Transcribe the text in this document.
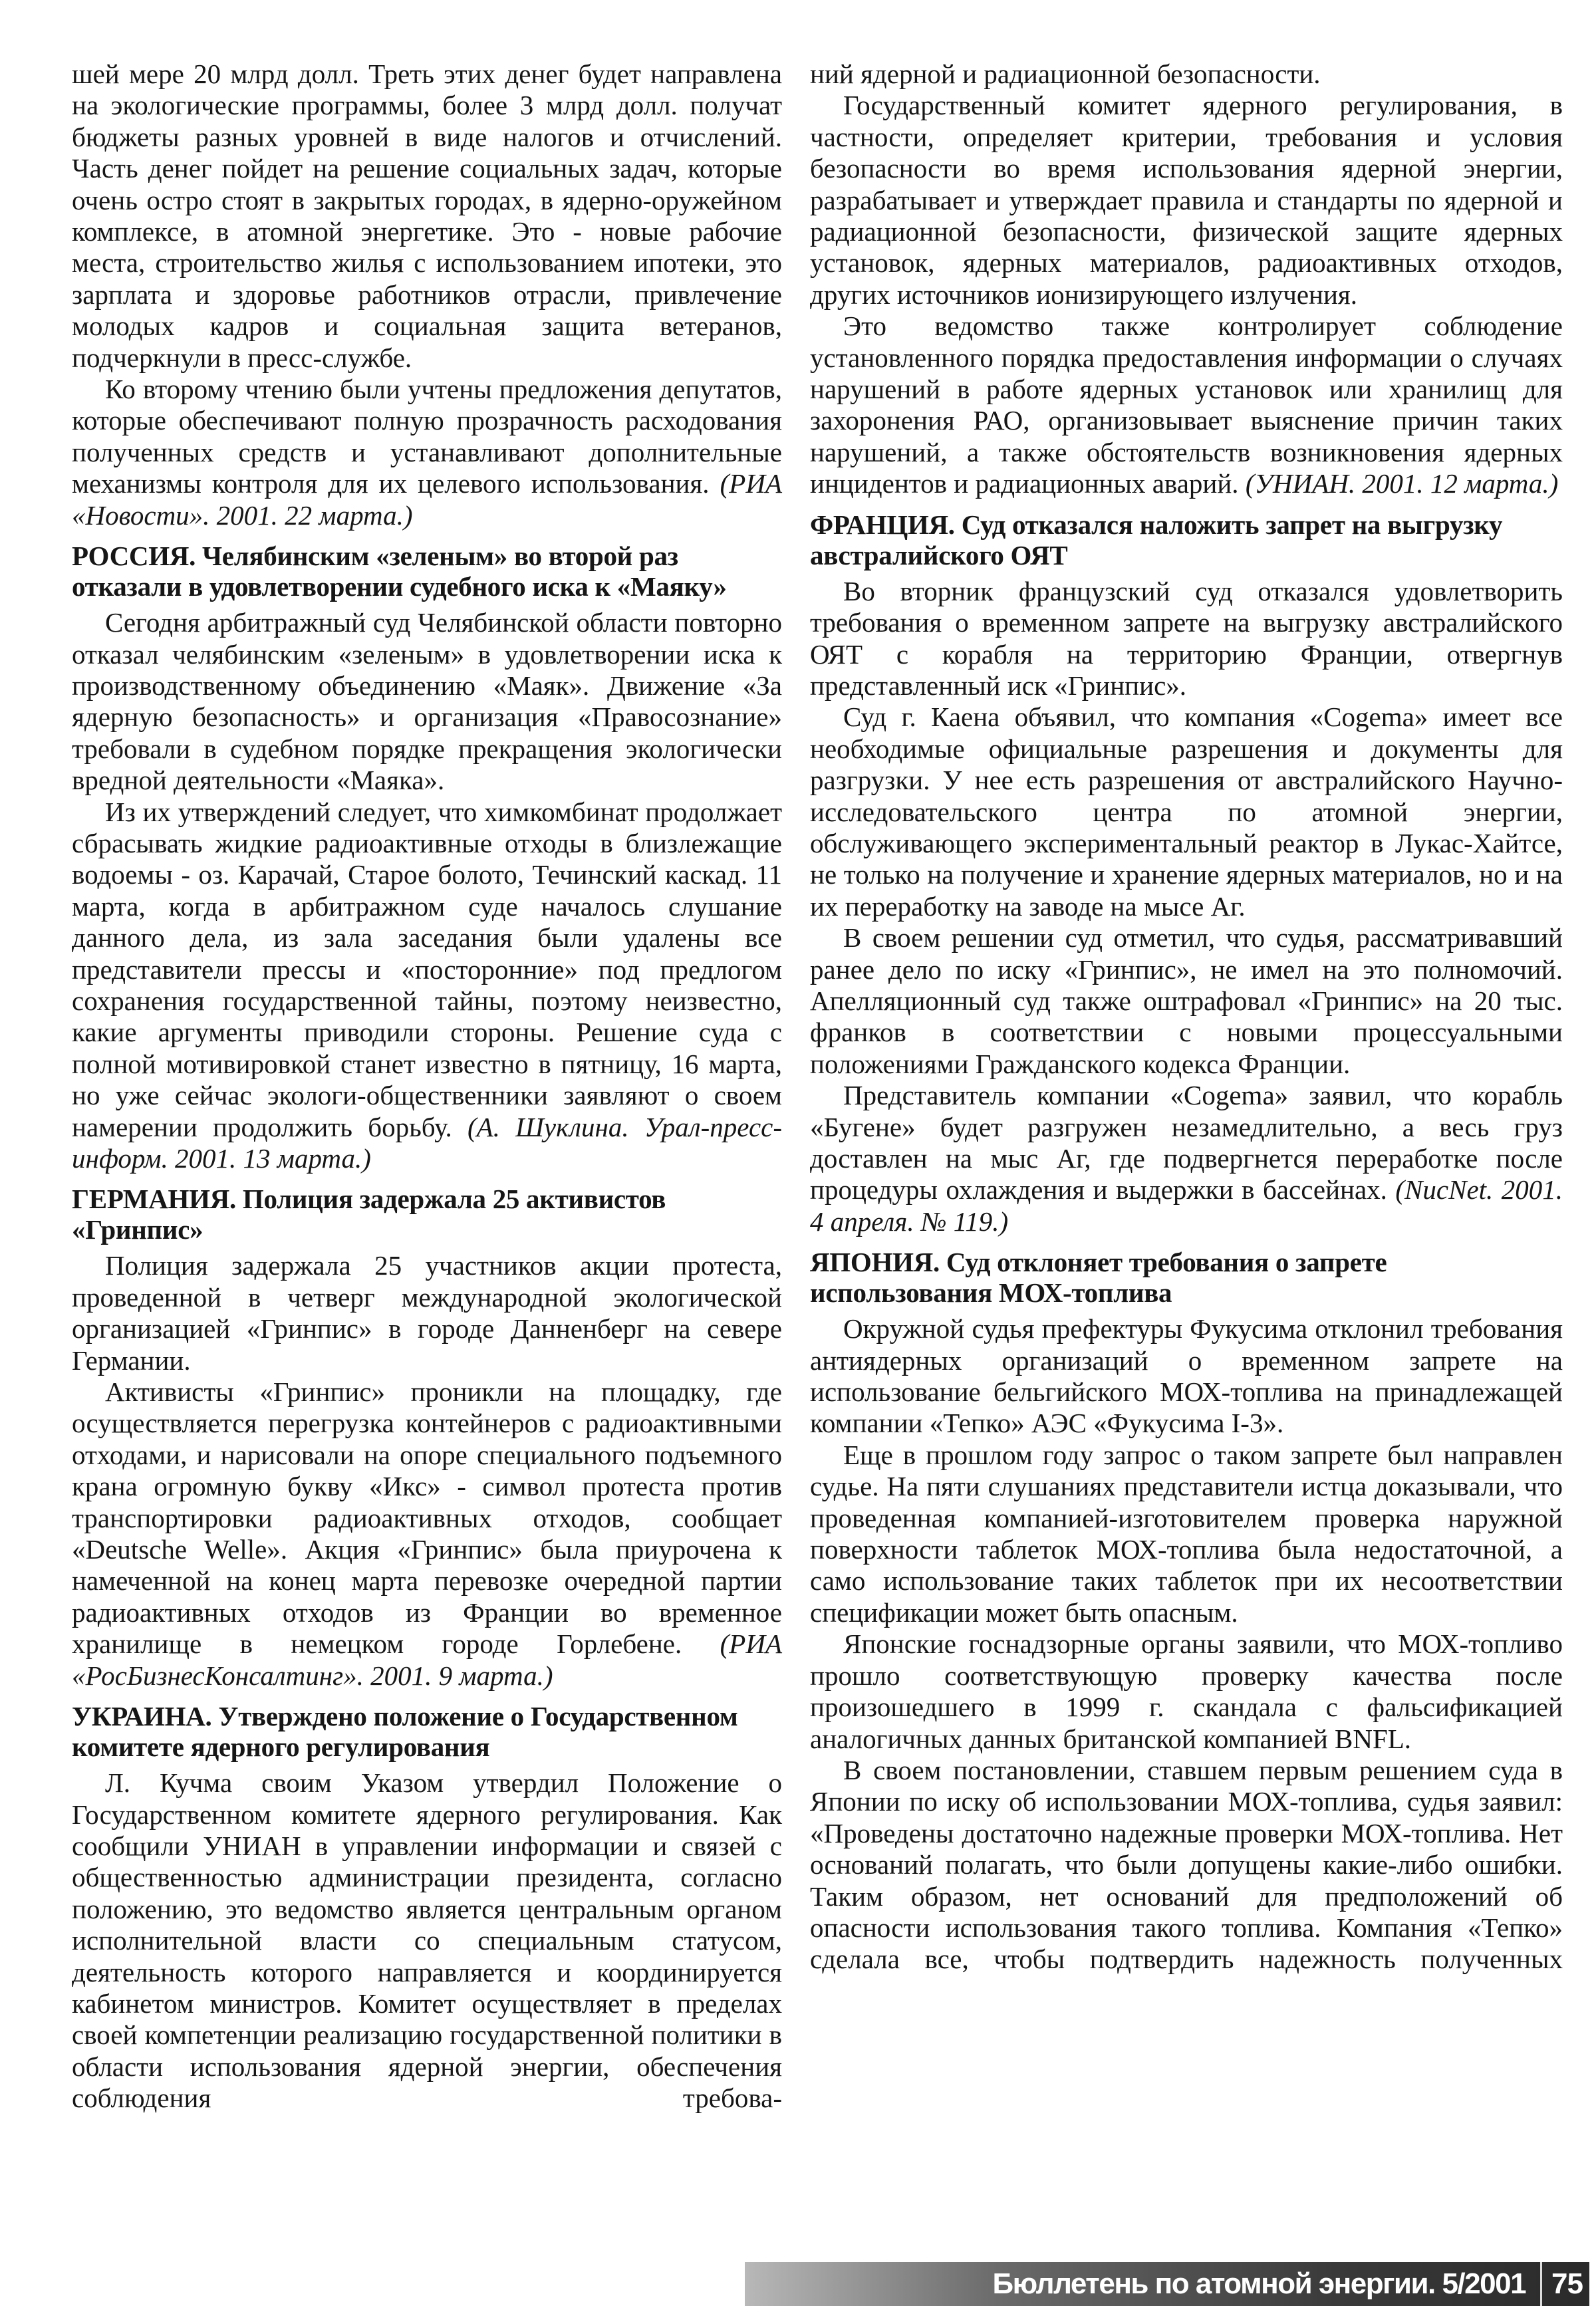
шей мере 20 млрд долл. Треть этих денег будет направлена на экологические программы, более 3 млрд долл. получат бюджеты разных уровней в виде налогов и отчислений. Часть денег пойдет на решение социальных задач, которые очень остро стоят в закрытых городах, в ядерно-оружейном комплексе, в атомной энергетике. Это - новые рабочие места, строительство жилья с использованием ипотеки, это зарплата и здоровье работников отрасли, привлечение молодых кадров и социальная защита ветеранов, подчеркнули в пресс-службе.

Ко второму чтению были учтены предложения депутатов, которые обеспечивают полную прозрачность расходования полученных средств и устанавливают дополнительные механизмы контроля для их целевого использования. (РИА «Новости». 2001. 22 марта.)

РОССИЯ. Челябинским «зеленым» во второй раз отказали в удовлетворении судебного иска к «Маяку»

Сегодня арбитражный суд Челябинской области повторно отказал челябинским «зеленым» в удовлетворении иска к производственному объединению «Маяк». Движение «За ядерную безопасность» и организация «Правосознание» требовали в судебном порядке прекращения экологически вредной деятельности «Маяка».

Из их утверждений следует, что химкомбинат продолжает сбрасывать жидкие радиоактивные отходы в близлежащие водоемы - оз. Карачай, Старое болото, Течинский каскад. 11 марта, когда в арбитражном суде началось слушание данного дела, из зала заседания были удалены все представители прессы и «посторонние» под предлогом сохранения государственной тайны, поэтому неизвестно, какие аргументы приводили стороны. Решение суда с полной мотивировкой станет известно в пятницу, 16 марта, но уже сейчас экологи-общественники заявляют о своем намерении продолжить борьбу. (А. Шуклина. Урал-пресс-информ. 2001. 13 марта.)

ГЕРМАНИЯ. Полиция задержала 25 активистов «Гринпис»

Полиция задержала 25 участников акции протеста, проведенной в четверг международной экологической организацией «Гринпис» в городе Данненберг на севере Германии.

Активисты «Гринпис» проникли на площадку, где осуществляется перегрузка контейнеров с радиоактивными отходами, и нарисовали на опоре специального подъемного крана огромную букву «Икс» - символ протеста против транспортировки радиоактивных отходов, сообщает «Deutsche Welle». Акция «Гринпис» была приурочена к намеченной на конец марта перевозке очередной партии радиоактивных отходов из Франции во временное хранилище в немецком городе Горлебене. (РИА «РосБизнесКонсалтинг». 2001. 9 марта.)

УКРАИНА. Утверждено положение о Государственном комитете ядерного регулирования

Л. Кучма своим Указом утвердил Положение о Государственном комитете ядерного регулирования. Как сообщили УНИАН в управлении информации и связей с общественностью администрации президента, согласно положению, это ведомство является центральным органом исполнительной власти со специальным статусом, деятельность которого направляется и координируется кабинетом министров. Комитет осуществляет в пределах своей компетенции реализацию государственной политики в области использования ядерной энергии, обеспечения соблюдения требова-

ний ядерной и радиационной безопасности.

Государственный комитет ядерного регулирования, в частности, определяет критерии, требования и условия безопасности во время использования ядерной энергии, разрабатывает и утверждает правила и стандарты по ядерной и радиационной безопасности, физической защите ядерных установок, ядерных материалов, радиоактивных отходов, других источников ионизирующего излучения.

Это ведомство также контролирует соблюдение установленного порядка предоставления информации о случаях нарушений в работе ядерных установок или хранилищ для захоронения РАО, организовывает выяснение причин таких нарушений, а также обстоятельств возникновения ядерных инцидентов и радиационных аварий. (УНИАН. 2001. 12 марта.)

ФРАНЦИЯ. Суд отказался наложить запрет на выгрузку австралийского ОЯТ

Во вторник французский суд отказался удовлетворить требования о временном запрете на выгрузку австралийского ОЯТ с корабля на территорию Франции, отвергнув представленный иск «Гринпис».

Суд г. Каена объявил, что компания «Cogema» имеет все необходимые официальные разрешения и документы для разгрузки. У нее есть разрешения от австралийского Научно-исследовательского центра по атомной энергии, обслуживающего экспериментальный реактор в Лукас-Хайтсе, не только на получение и хранение ядерных материалов, но и на их переработку на заводе на мысе Аг.

В своем решении суд отметил, что судья, рассматривавший ранее дело по иску «Гринпис», не имел на это полномочий. Апелляционный суд также оштрафовал «Гринпис» на 20 тыс. франков в соответствии с новыми процессуальными положениями Гражданского кодекса Франции.

Представитель компании «Cogema» заявил, что корабль «Бугене» будет разгружен незамедлительно, а весь груз доставлен на мыс Аг, где подвергнется переработке после процедуры охлаждения и выдержки в бассейнах. (NucNet. 2001. 4 апреля. № 119.)

ЯПОНИЯ. Суд отклоняет требования о запрете использования МОХ-топлива

Окружной судья префектуры Фукусима отклонил требования антиядерных организаций о временном запрете на использование бельгийского МОХ-топлива на принадлежащей компании «Тепко» АЭС «Фукусима I-3».

Еще в прошлом году запрос о таком запрете был направлен судье. На пяти слушаниях представители истца доказывали, что проведенная компанией-изготовителем проверка наружной поверхности таблеток МОХ-топлива была недостаточной, а само использование таких таблеток при их несоответствии спецификации может быть опасным.

Японские госнадзорные органы заявили, что МОХ-топливо прошло соответствующую проверку качества после произошедшего в 1999 г. скандала с фальсификацией аналогичных данных британской компанией BNFL.

В своем постановлении, ставшем первым решением суда в Японии по иску об использовании МОХ-топлива, судья заявил: «Проведены достаточно надежные проверки МОХ-топлива. Нет оснований полагать, что были допущены какие-либо ошибки. Таким образом, нет оснований для предположений об опасности использования такого топлива. Компания «Тепко» сделала все, чтобы подтвердить надежность полученных

Бюллетень по атомной энергии. 5/2001 75
